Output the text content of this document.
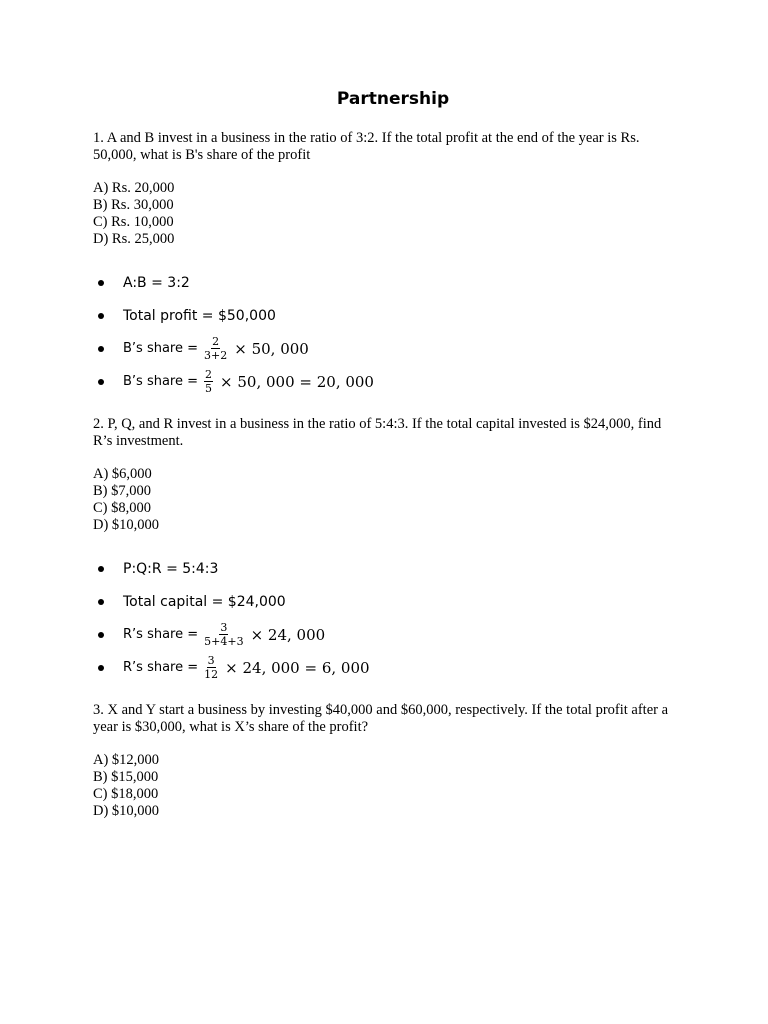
Partnership

1. A and B invest in a business in the ratio of 3:2. If the total profit at the end of the year is Rs. 50,000, what is B's share of the profit

A) Rs. 20,000
B) Rs. 30,000
C) Rs. 10,000
D) Rs. 25,000
A:B = 3:2
Total profit = $50,000
B’s share = $\frac{2}{3+2} \times 50$, 000
B’s share = $\frac{2}{5} \times 50$, 000 = 20, 000

2. P, Q, and R invest in a business in the ratio of 5:4:3. If the total capital invested is $24,000, find R’s investment.

A) $6,000
B) $7,000
C) $8,000
D) $10,000
P:Q:R = 5:4:3
Total capital = $24,000
R’s share = $\frac{3}{5+4+3} \times 24$, 000
R’s share = $\frac{3}{12} \times 24$, 000 = 6, 000

3. X and Y start a business by investing $40,000 and $60,000, respectively. If the total profit after a year is $30,000, what is X’s share of the profit?

A) $12,000
B) $15,000
C) $18,000
D) $10,000
